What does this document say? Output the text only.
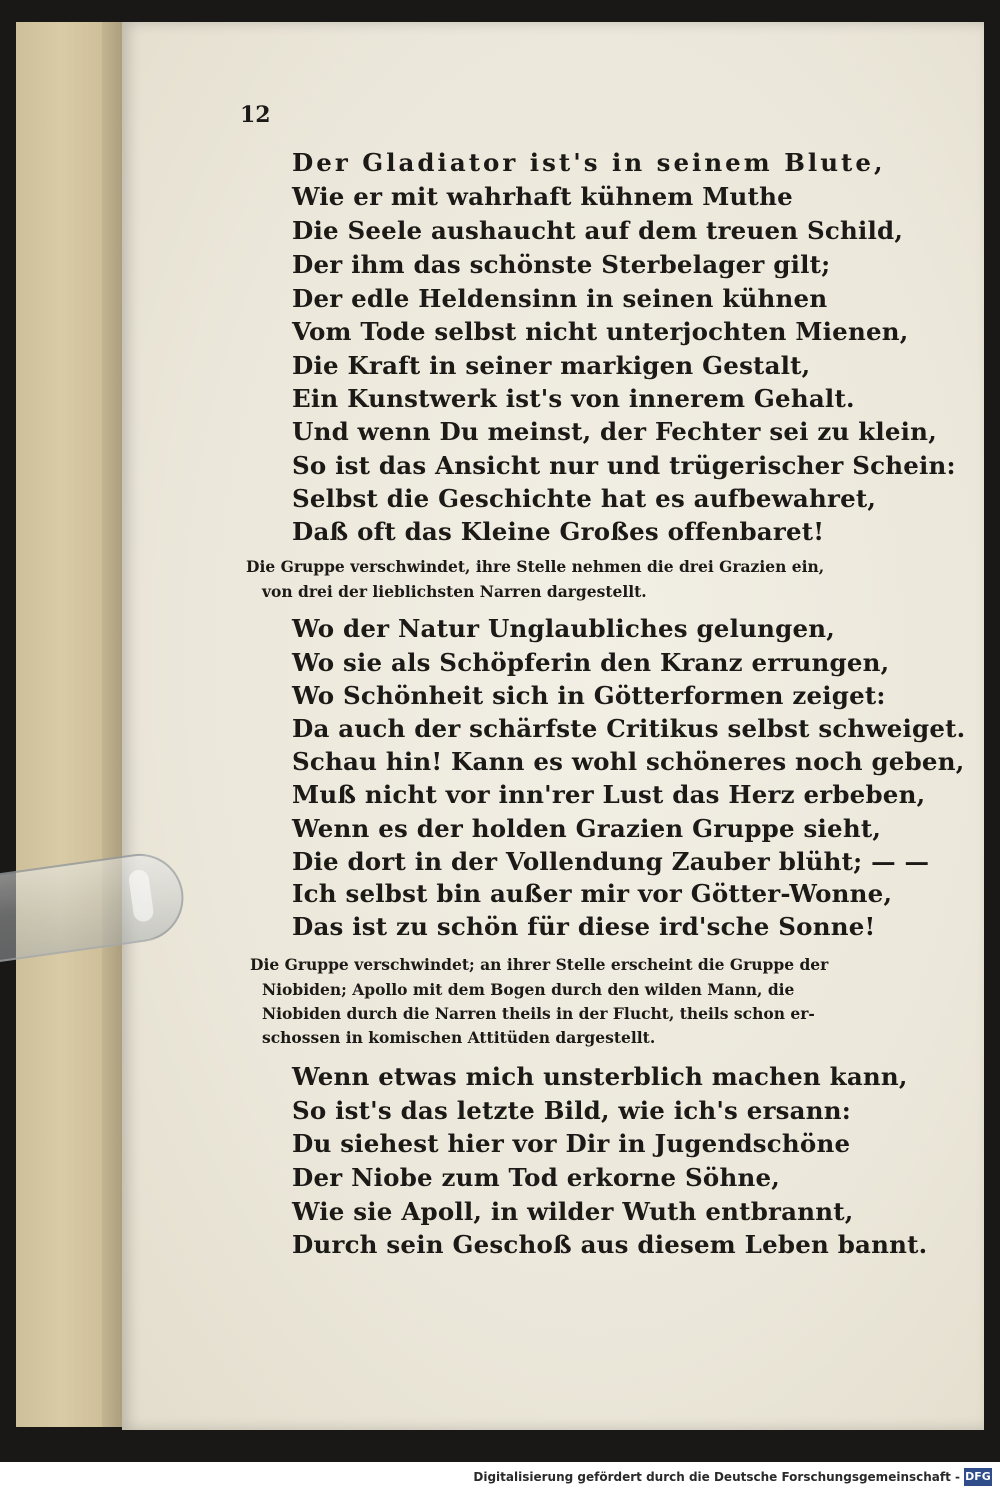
12
Der Gladiator ist's in seinem Blute,
Wie er mit wahrhaft kühnem Muthe
Die Seele aushaucht auf dem treuen Schild,
Der ihm das schönste Sterbelager gilt;
Der edle Heldensinn in seinen kühnen
Vom Tode selbst nicht unterjochten Mienen,
Die Kraft in seiner markigen Gestalt,
Ein Kunstwerk ist's von innerem Gehalt.
Und wenn Du meinst, der Fechter sei zu klein,
So ist das Ansicht nur und trügerischer Schein:
Selbst die Geschichte hat es aufbewahret,
Daß oft das Kleine Großes offenbaret!
Die Gruppe verschwindet, ihre Stelle nehmen die drei Grazien ein,
von drei der lieblichsten Narren dargestellt.
Wo der Natur Unglaubliches gelungen,
Wo sie als Schöpferin den Kranz errungen,
Wo Schönheit sich in Götterformen zeiget:
Da auch der schärfste Critikus selbst schweiget.
Schau hin! Kann es wohl schöneres noch geben,
Muß nicht vor inn'rer Lust das Herz erbeben,
Wenn es der holden Grazien Gruppe sieht,
Die dort in der Vollendung Zauber blüht; — —
Ich selbst bin außer mir vor Götter-Wonne,
Das ist zu schön für diese ird'sche Sonne!
Die Gruppe verschwindet; an ihrer Stelle erscheint die Gruppe der
Niobiden; Apollo mit dem Bogen durch den wilden Mann, die
Niobiden durch die Narren theils in der Flucht, theils schon er-
schossen in komischen Attitüden dargestellt.
Wenn etwas mich unsterblich machen kann,
So ist's das letzte Bild, wie ich's ersann:
Du siehest hier vor Dir in Jugendschöne
Der Niobe zum Tod erkorne Söhne,
Wie sie Apoll, in wilder Wuth entbrannt,
Durch sein Geschoß aus diesem Leben bannt.
Digitalisierung gefördert durch die Deutsche Forschungsgemeinschaft - DFG
